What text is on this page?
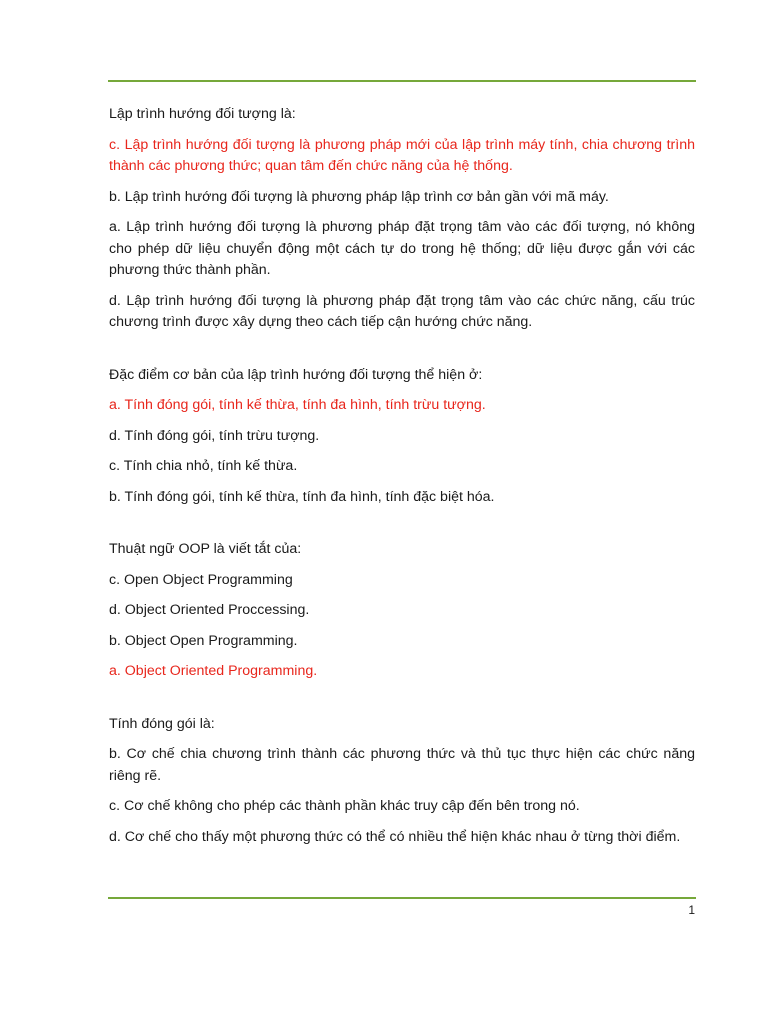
Lập trình hướng đối tượng là:

c. Lập trình hướng đối tượng là phương pháp mới của lập trình máy tính, chia chương trình thành các phương thức; quan tâm đến chức năng của hệ thống.

b. Lập trình hướng đối tượng là phương pháp lập trình cơ bản gần với mã máy.

a. Lập trình hướng đối tượng là phương pháp đặt trọng tâm vào các đối tượng, nó không cho phép dữ liệu chuyển động một cách tự do trong hệ thống; dữ liệu được gắn với các phương thức thành phần.

d. Lập trình hướng đối tượng là phương pháp đặt trọng tâm vào các chức năng, cấu trúc chương trình được xây dựng theo cách tiếp cận hướng chức năng.

Đặc điểm cơ bản của lập trình hướng đối tượng thể hiện ở:

a. Tính đóng gói, tính kế thừa, tính đa hình, tính trừu tượng.

d. Tính đóng gói, tính trừu tượng.

c. Tính chia nhỏ, tính kế thừa.

b. Tính đóng gói, tính kế thừa, tính đa hình, tính đặc biệt hóa.

Thuật ngữ OOP là viết tắt của:

c. Open Object Programming

d. Object Oriented Proccessing.

b. Object Open Programming.

a. Object Oriented Programming.

Tính đóng gói là:

b. Cơ chế chia chương trình thành các phương thức và thủ tục thực hiện các chức năng riêng rẽ.

c. Cơ chế không cho phép các thành phần khác truy cập đến bên trong nó.

d. Cơ chế cho thấy một phương thức có thể có nhiều thể hiện khác nhau ở từng thời điểm.

1
